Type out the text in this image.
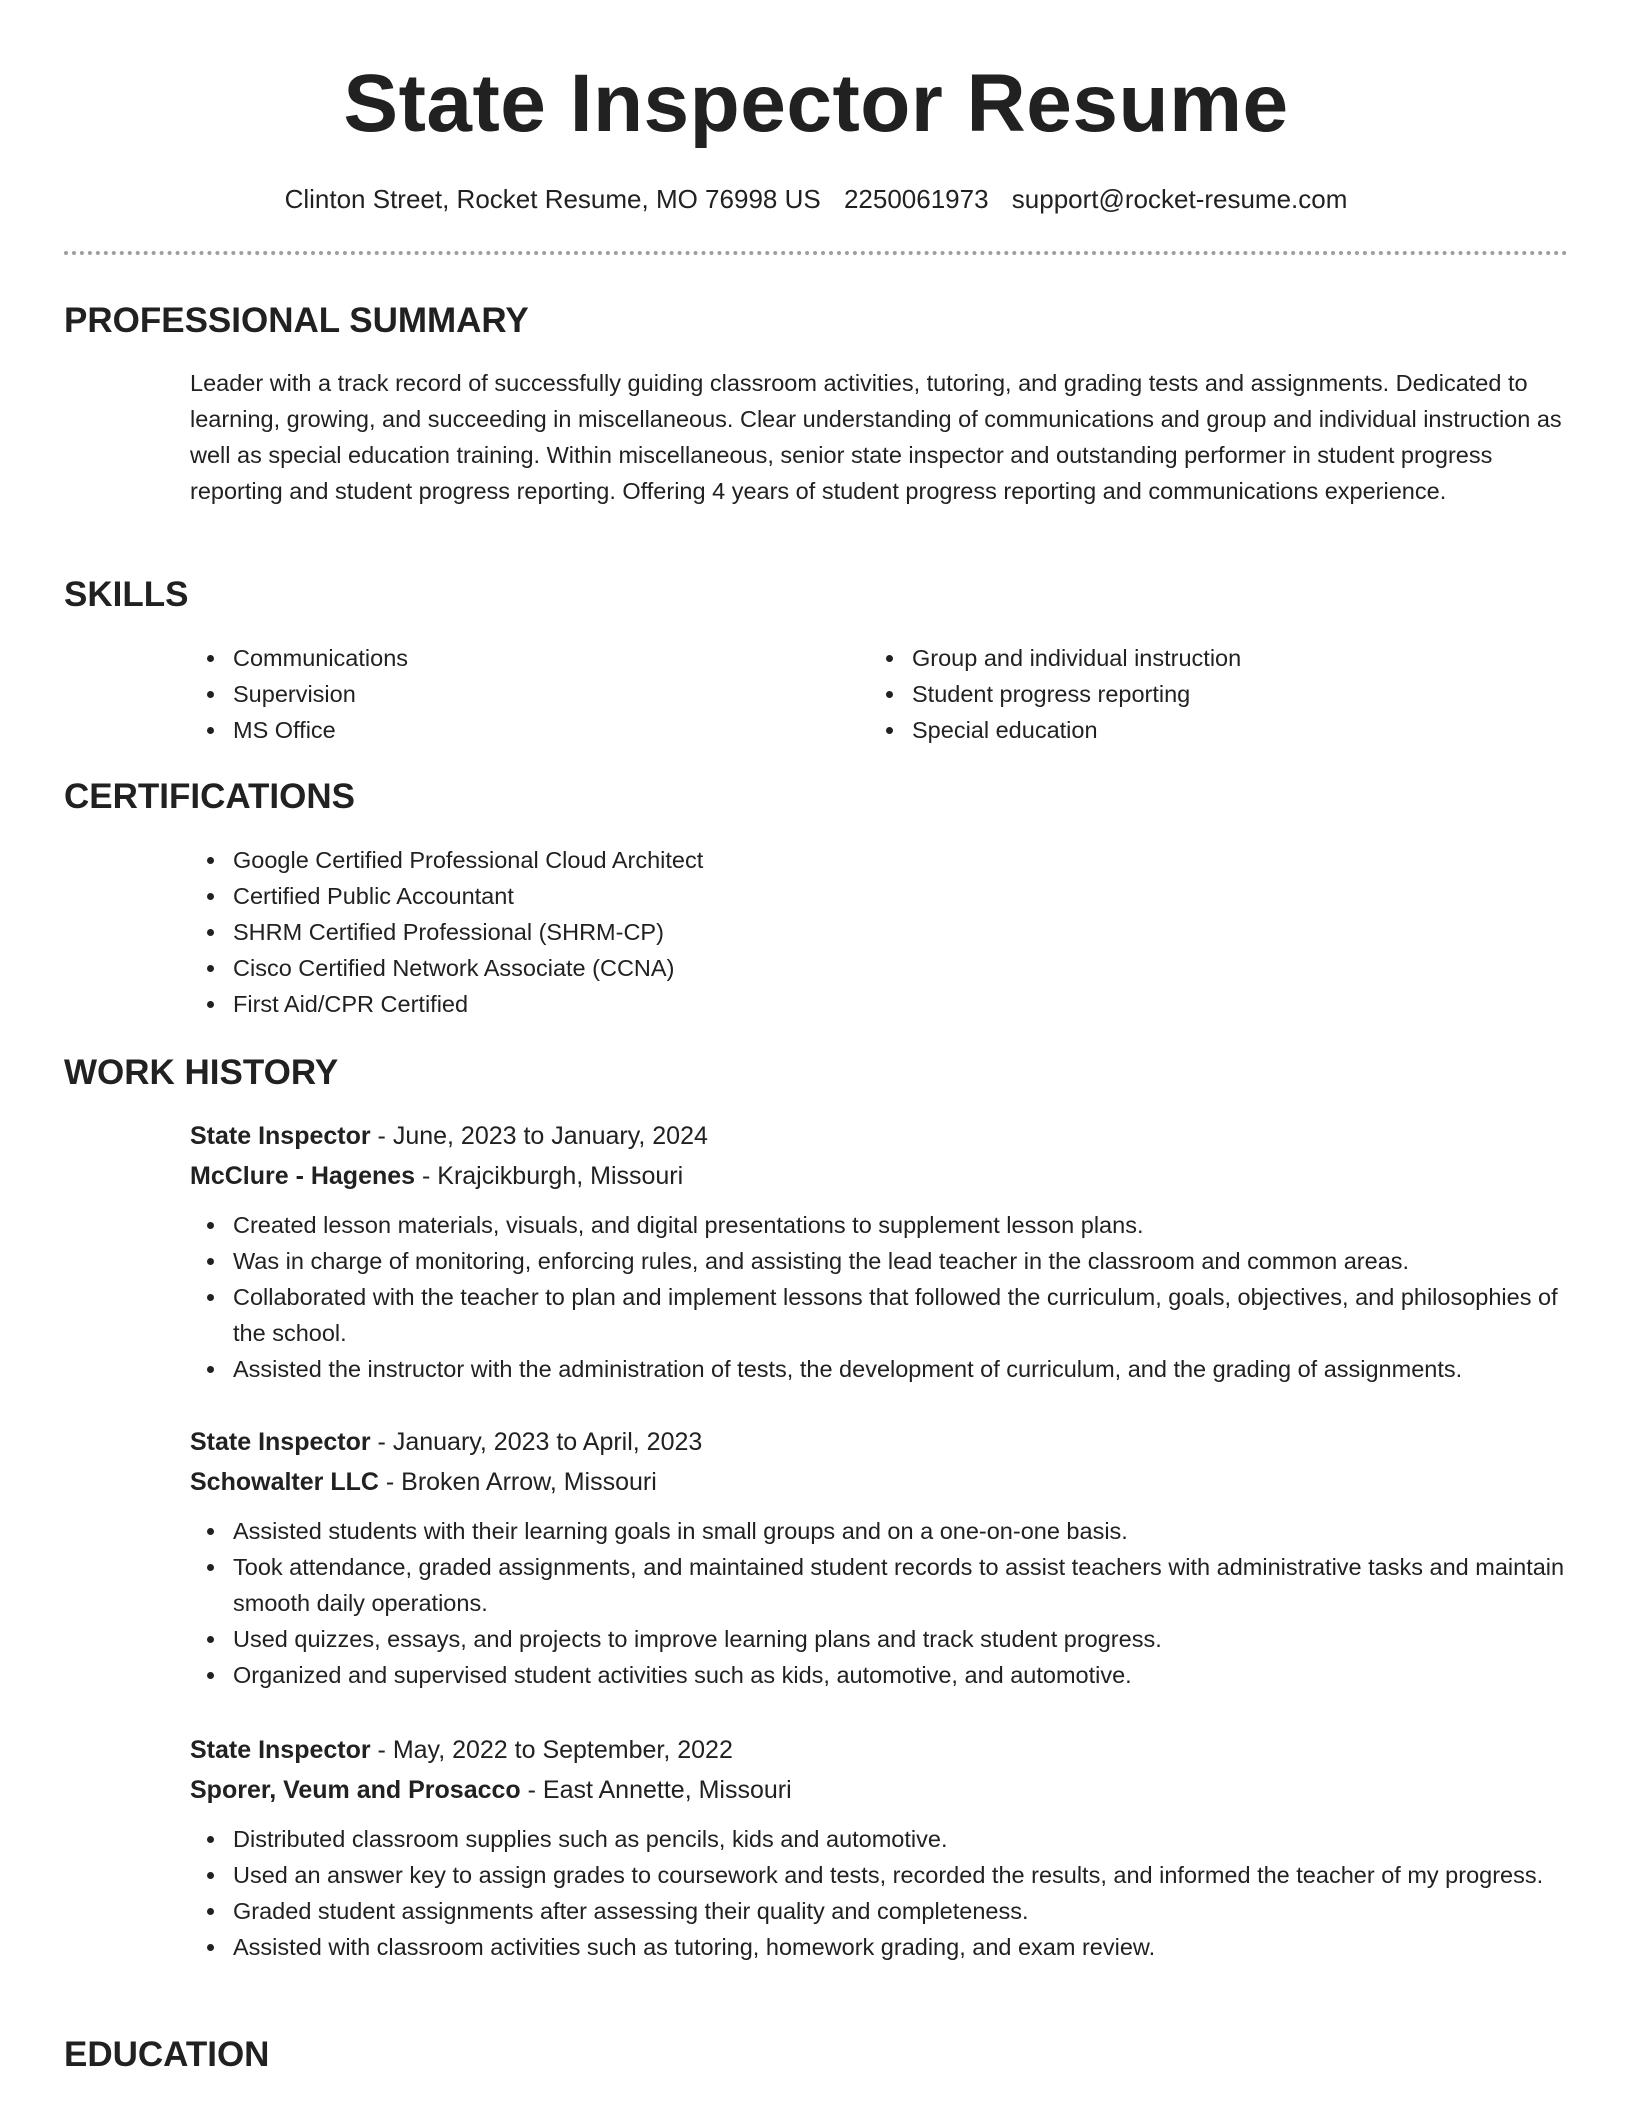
State Inspector Resume
Clinton Street, Rocket Resume, MO 76998 US 2250061973 support@rocket-resume.com
PROFESSIONAL SUMMARY

Leader with a track record of successfully guiding classroom activities, tutoring, and grading tests and assignments. Dedicated to learning, growing, and succeeding in miscellaneous. Clear understanding of communications and group and individual instruction as well as special education training. Within miscellaneous, senior state inspector and outstanding performer in student progress reporting and student progress reporting. Offering 4 years of student progress reporting and communications experience.

SKILLS
Communications
Supervision
MS Office
Group and individual instruction
Student progress reporting
Special education
CERTIFICATIONS
Google Certified Professional Cloud Architect
Certified Public Accountant
SHRM Certified Professional (SHRM-CP)
Cisco Certified Network Associate (CCNA)
First Aid/CPR Certified
WORK HISTORY
State Inspector - June, 2023 to January, 2024
McClure - Hagenes - Krajcikburgh, Missouri
Created lesson materials, visuals, and digital presentations to supplement lesson plans.
Was in charge of monitoring, enforcing rules, and assisting the lead teacher in the classroom and common areas.
Collaborated with the teacher to plan and implement lessons that followed the curriculum, goals, objectives, and philosophies of the school.
Assisted the instructor with the administration of tests, the development of curriculum, and the grading of assignments.
State Inspector - January, 2023 to April, 2023
Schowalter LLC - Broken Arrow, Missouri
Assisted students with their learning goals in small groups and on a one-on-one basis.
Took attendance, graded assignments, and maintained student records to assist teachers with administrative tasks and maintain smooth daily operations.
Used quizzes, essays, and projects to improve learning plans and track student progress.
Organized and supervised student activities such as kids, automotive, and automotive.
State Inspector - May, 2022 to September, 2022
Sporer, Veum and Prosacco - East Annette, Missouri
Distributed classroom supplies such as pencils, kids and automotive.
Used an answer key to assign grades to coursework and tests, recorded the results, and informed the teacher of my progress.
Graded student assignments after assessing their quality and completeness.
Assisted with classroom activities such as tutoring, homework grading, and exam review.
EDUCATION
